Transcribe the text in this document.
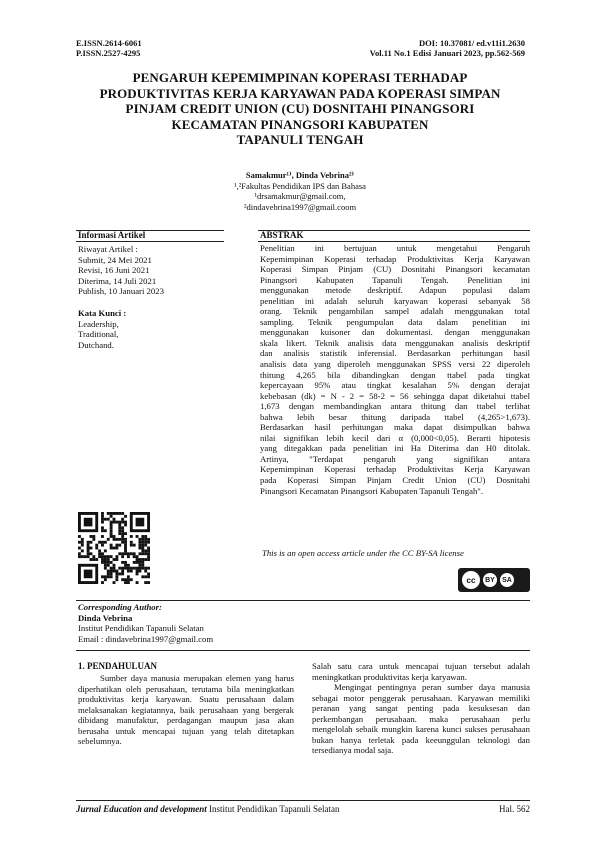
E.ISSN.2614-6061
P.ISSN.2527-4295
DOI: 10.37081/ ed.v11i1.2630
Vol.11 No.1 Edisi Januari 2023, pp.562-569
PENGARUH KEPEMIMPINAN KOPERASI TERHADAP
PRODUKTIVITAS KERJA KARYAWAN PADA KOPERASI SIMPAN
PINJAM CREDIT UNION (CU) DOSNITAHI PINANGSORI
KECAMATAN PINANGSORI KABUPATEN
TAPANULI TENGAH
Samakmur¹⁾, Dinda Vebrina²⁾
¹,²Fakultas Pendidikan IPS dan Bahasa
¹drsamakmur@gmail.com,
²dindavebrina1997@gmail.coom
Informasi Artikel
Riwayat Artikel :
Submit, 24 Mei 2021
Revisi, 16 Juni 2021
Diterima, 14 Juli 2021
Publish, 10 Januari 2023
Kata Kunci :
Leadership,
Traditional,
Dutchand.
ABSTRAK
Penelitian ini bertujuan untuk mengetahui Pengaruh
Kepemimpinan Koperasi terhadap Produktivitas Kerja Karyawan
Koperasi Simpan Pinjam (CU) Dosnitahi Pinangsori kecamatan
Pinangsori Kabupaten Tapanuli Tengah. Penelitian ini
menggunakan metode deskriptif. Adapun populasi dalam
penelitian ini adalah seluruh karyawan koperasi sebanyak 58
orang. Teknik pengambilan sampel adalah menggunakan total
sampling. Teknik pengumpulan data dalam penelitian ini
menggunakan kuisoner dan dokumentasi. dengan menggunakan
skala likert. Teknik analisis data menggunakan analisis deskriptif
dan analisis statistik inferensial. Berdasarkan perhitungan hasil
analisis data yang diperoleh menggunakan SPSS versi 22 diperoleh
thitung 4,265 bila dibandingkan dengan ttabel pada tingkat
kepercayaan 95% atau tingkat kesalahan 5% dengan derajat
kebebasan (dk) = N - 2 = 58-2 = 56 sehingga dapat diketahui ttabel
1,673 dengan membandingkan antara thitung dan ttabel terlihat
bahwa lebih besar thitung daripada ttabel (4,265>1,673).
Berdasarkan hasil perhitungan maka dapat disimpulkan bahwa
nilai signifikan lebih kecil dari α (0,000<0,05). Berarti hipotesis
yang ditegakkan pada penelitian ini Ha Diterima dan H0 ditolak.
Artinya, "Terdapat pengaruh yang signifikan antara
Kepemimpinan Koperasi terhadap Produktivitas Kerja Karyawan
pada Koperasi Simpan Pinjam Credit Union (CU) Dosnitahi
Pinangsori Kecamatan Pinangsori Kabupaten Tapanuli Tengah".
This is an open access article under the CC BY-SA license
cc	BY	SA
Corresponding Author:
Dinda Vebrina
Institut Pendidikan Tapanuli Selatan
Email : dindavebrina1997@gmail.com
1. PENDAHULUAN

Sumber daya manusia merupakan elemen yang harus diperhatikan oleh perusahaan, terutama bila meningkatkan produktivitas kerja karyawan. Suatu perusahaan dalam melaksanakan kegiatannya, baik perusahaan yang bergerak dibidang manufaktur, perdagangan maupun jasa akan berusaha untuk mencapai tujuan yang telah ditetapkan sebelumnya.

Salah satu cara untuk mencapai tujuan tersebut adalah meningkatkan produktivitas kerja karyawan.

Mengingat pentingnya peran sumber daya manusia sebagai motor penggerak perusahaan. Karyawan memiliki peranan yang sangat penting pada kesuksesan dan perkembangan perusahaan. maka perusahaan perlu mengelolah sebaik mungkin karena kunci sukses perusahaan bukan hanya terletak pada keeunggulan teknologi dan tersedianya modal saja.

Jurnal Education and development Institut Pendidikan Tapanuli Selatan	Hal. 562
